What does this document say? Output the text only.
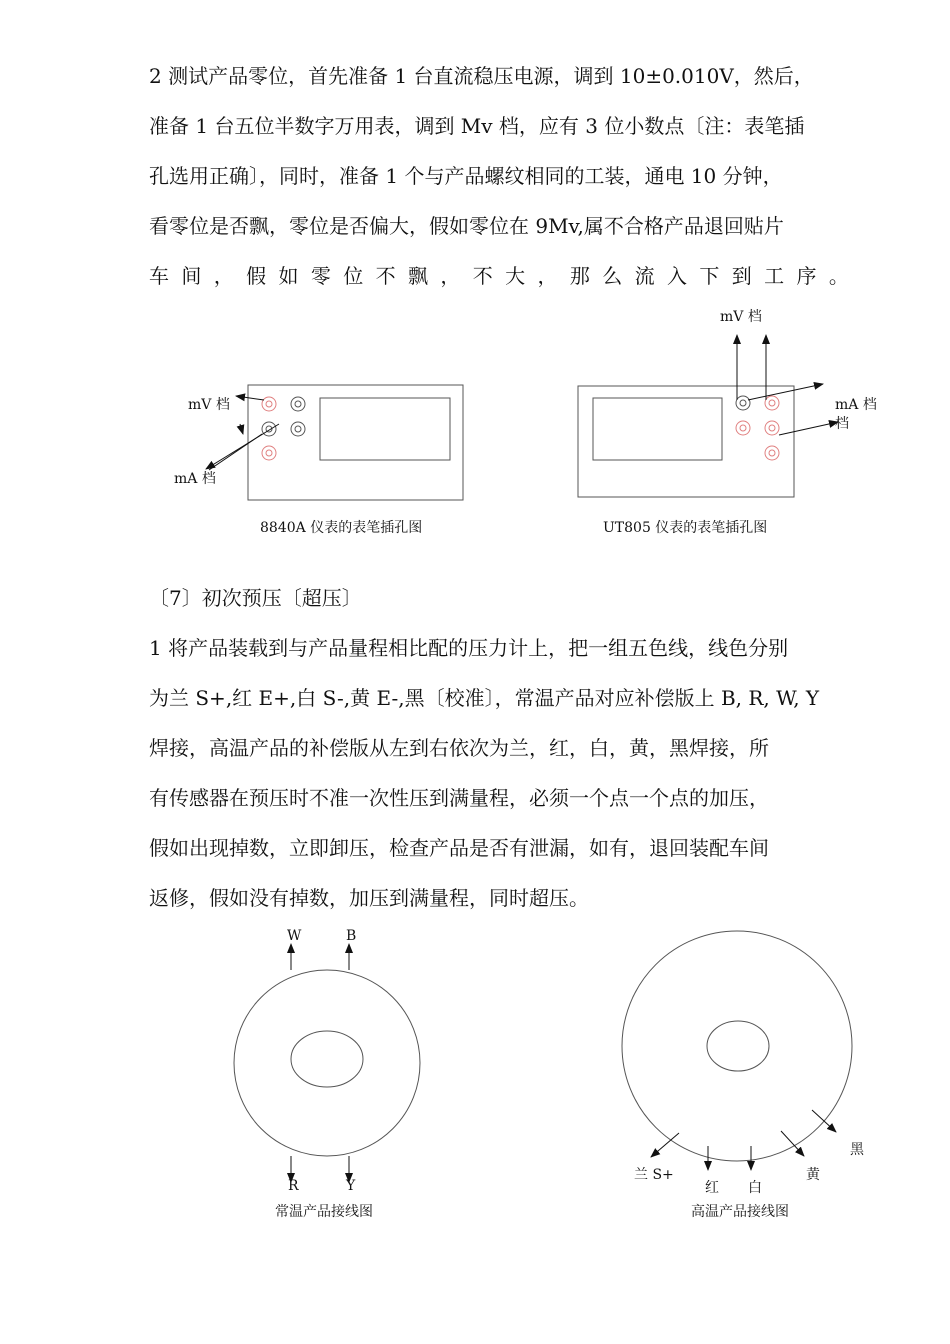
2 测试产品零位，首先准备 1 台直流稳压电源，调到 10±0.010V，然后，
准备 1 台五位半数字万用表，调到 Mv 档，应有 3 位小数点〔注：表笔插
孔选用正确〕，同时，准备 1 个与产品螺纹相同的工装，通电 10 分钟，
看零位是否飘，零位是否偏大，假如零位在 9Mv,属不合格产品退回贴片
车 间 ， 假 如 零 位 不 飘 ， 不 大 ， 那 么 流 入 下 到 工 序 。
mV 档
mA 档
8840A 仪表的表笔插孔图
mV 档
mA 档
档
UT805 仪表的表笔插孔图
〔7〕初次预压〔超压〕
1 将产品装载到与产品量程相比配的压力计上，把一组五色线，线色分别
为兰 S+,红 E+,白 S-,黄 E-,黑〔校准〕，常温产品对应补偿版上 B, R, W, Y
焊接，高温产品的补偿版从左到右依次为兰，红，白，黄，黑焊接，所
有传感器在预压时不准一次性压到满量程，必须一个点一个点的加压，
假如出现掉数，立即卸压，检查产品是否有泄漏，如有，退回装配车间
返修，假如没有掉数，加压到满量程，同时超压。
W	B
R	Y
常温产品接线图
兰 S+
红 白
黄
黑
高温产品接线图
